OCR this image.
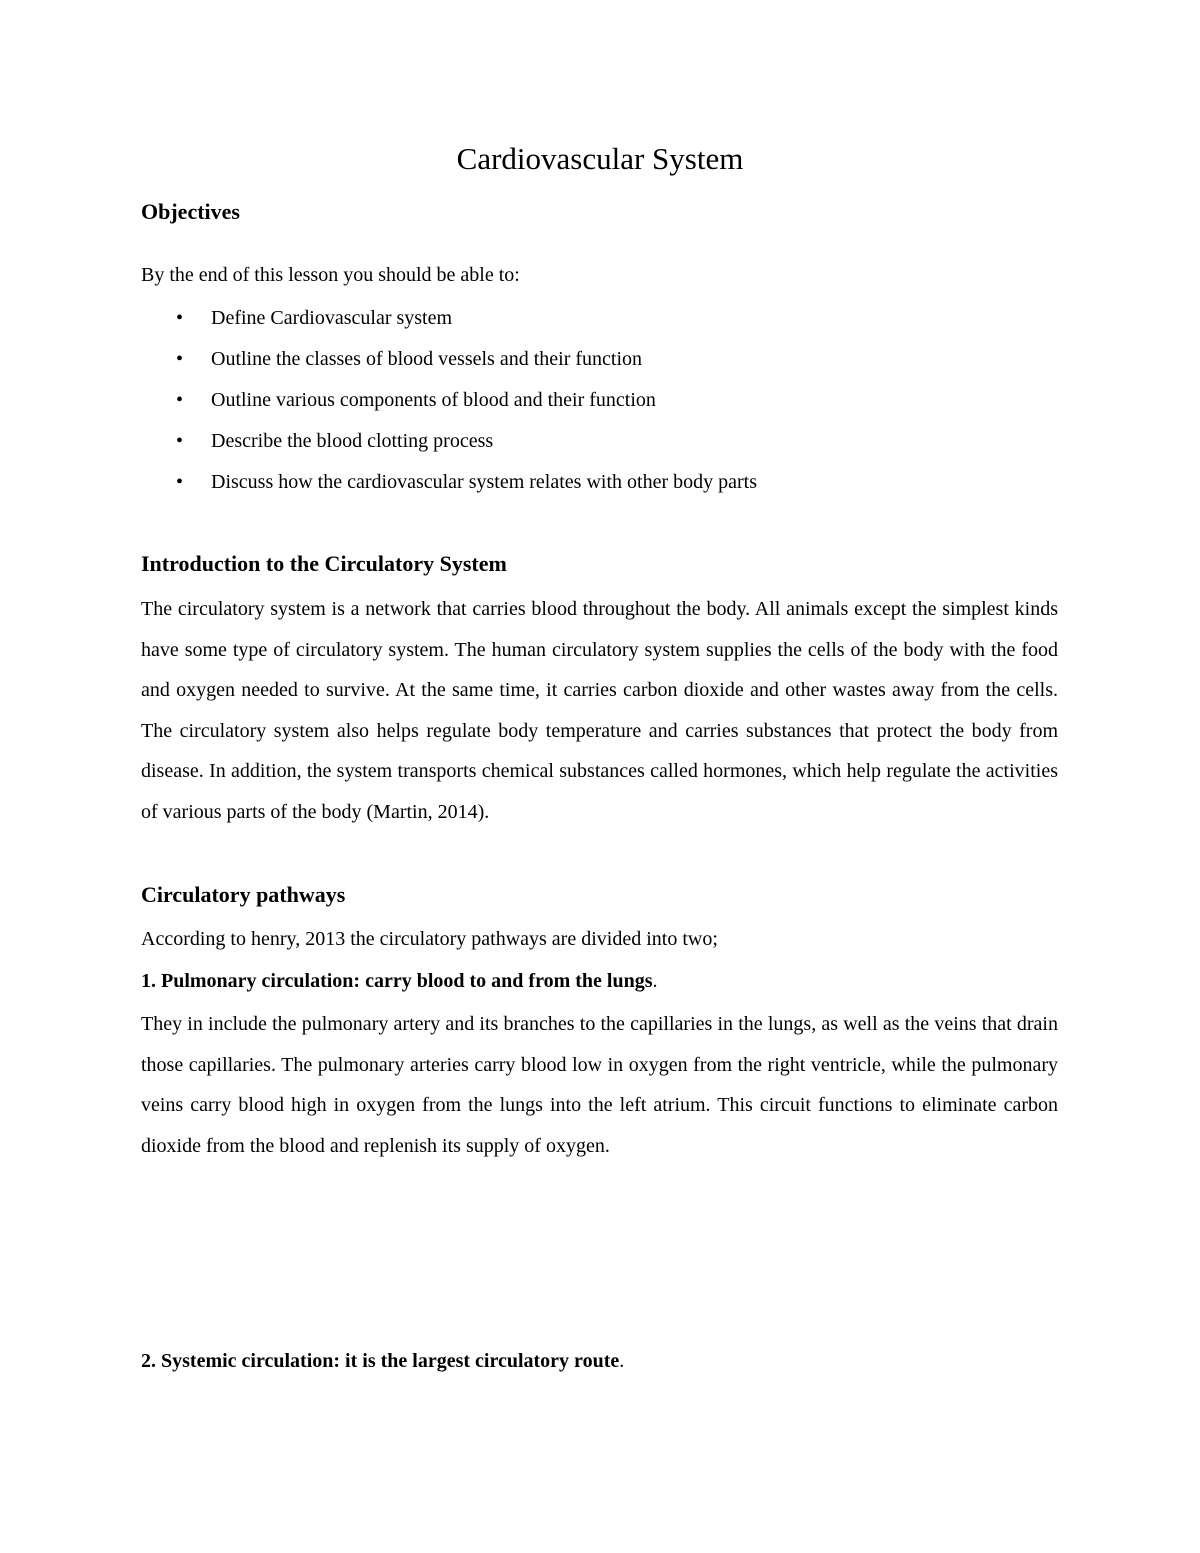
Cardiovascular System
Objectives

By the end of this lesson you should be able to:

• Define Cardiovascular system
• Outline the classes of blood vessels and their function
• Outline various components of blood and their function
• Describe the blood clotting process
• Discuss how the cardiovascular system relates with other body parts
Introduction to the Circulatory System

The circulatory system is a network that carries blood throughout the body. All animals except the simplest kinds have some type of circulatory system. The human circulatory system supplies the cells of the body with the food and oxygen needed to survive. At the same time, it carries carbon dioxide and other wastes away from the cells. The circulatory system also helps regulate body temperature and carries substances that protect the body from disease. In addition, the system transports chemical substances called hormones, which help regulate the activities of various parts of the body (Martin, 2014).

Circulatory pathways

According to henry, 2013 the circulatory pathways are divided into two;

1. Pulmonary circulation: carry blood to and from the lungs.

They in include the pulmonary artery and its branches to the capillaries in the lungs, as well as the veins that drain those capillaries. The pulmonary arteries carry blood low in oxygen from the right ventricle, while the pulmonary veins carry blood high in oxygen from the lungs into the left atrium. This circuit functions to eliminate carbon dioxide from the blood and replenish its supply of oxygen.

2. Systemic circulation: it is the largest circulatory route.
